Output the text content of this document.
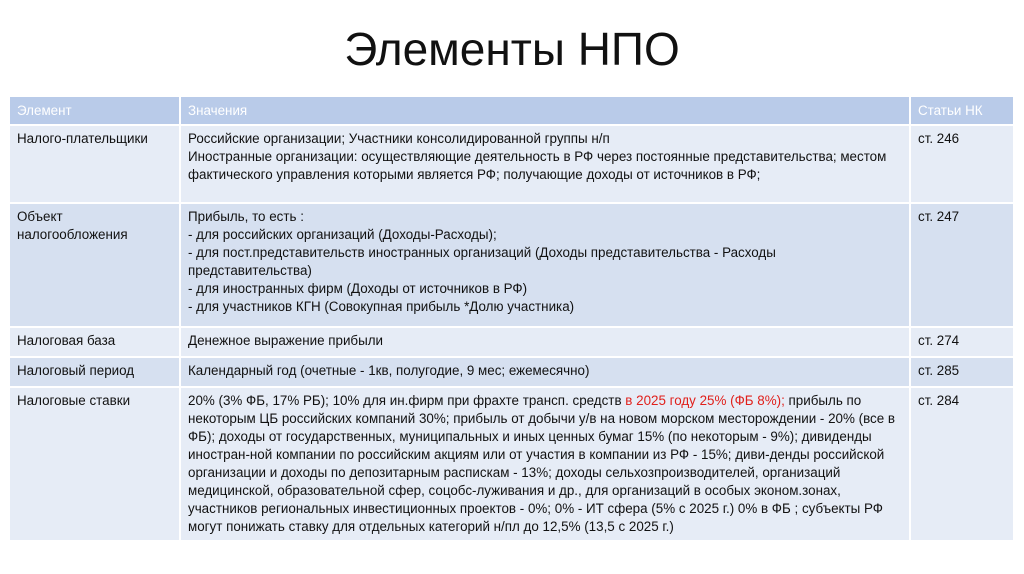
Элементы НПО
Элемент	Значения	Статьи НК
Налого-плательщики	Российские организации; Участники консолидированной группы н/п
Иностранные организации: осуществляющие деятельность в РФ через постоянные представительства; местом фактического управления которыми является РФ; получающие доходы от источников в РФ;	ст. 246
Объект налогообложения	Прибыль, то есть :
- для российских организаций (Доходы-Расходы);
- для пост.представительств иностранных организаций (Доходы представительства - Расходы представительства)
- для иностранных фирм (Доходы от источников в РФ)
- для участников КГН (Совокупная прибыль *Долю участника)	ст. 247
Налоговая база	Денежное выражение прибыли	ст. 274
Налоговый период	Календарный год (очетные - 1кв, полугодие, 9 мес; ежемесячно)	ст. 285
Налоговые ставки	20% (3% ФБ, 17% РБ); 10% для ин.фирм при фрахте трансп. средств в 2025 году 25% (ФБ 8%); прибыль по некоторым ЦБ российских компаний 30%; прибыль от добычи у/в на новом морском месторождении - 20% (все в ФБ); доходы от государственных, муниципальных и иных ценных бумаг 15% (по некоторым - 9%); дивиденды иностран-ной компании по российским акциям или от участия в компании из РФ - 15%; диви-денды российской организации и доходы по депозитарным распискам - 13%; доходы сельхозпроизводителей, организаций медицинской, образовательной сфер, соцобс-луживания и др., для организаций в особых эконом.зонах, участников региональных инвестиционных проектов - 0%; 0% - ИТ сфера (5% с 2025 г.) 0% в ФБ ; субъекты РФ могут понижать ставку для отдельных категорий н/пл до 12,5% (13,5 с 2025 г.)	ст. 284
